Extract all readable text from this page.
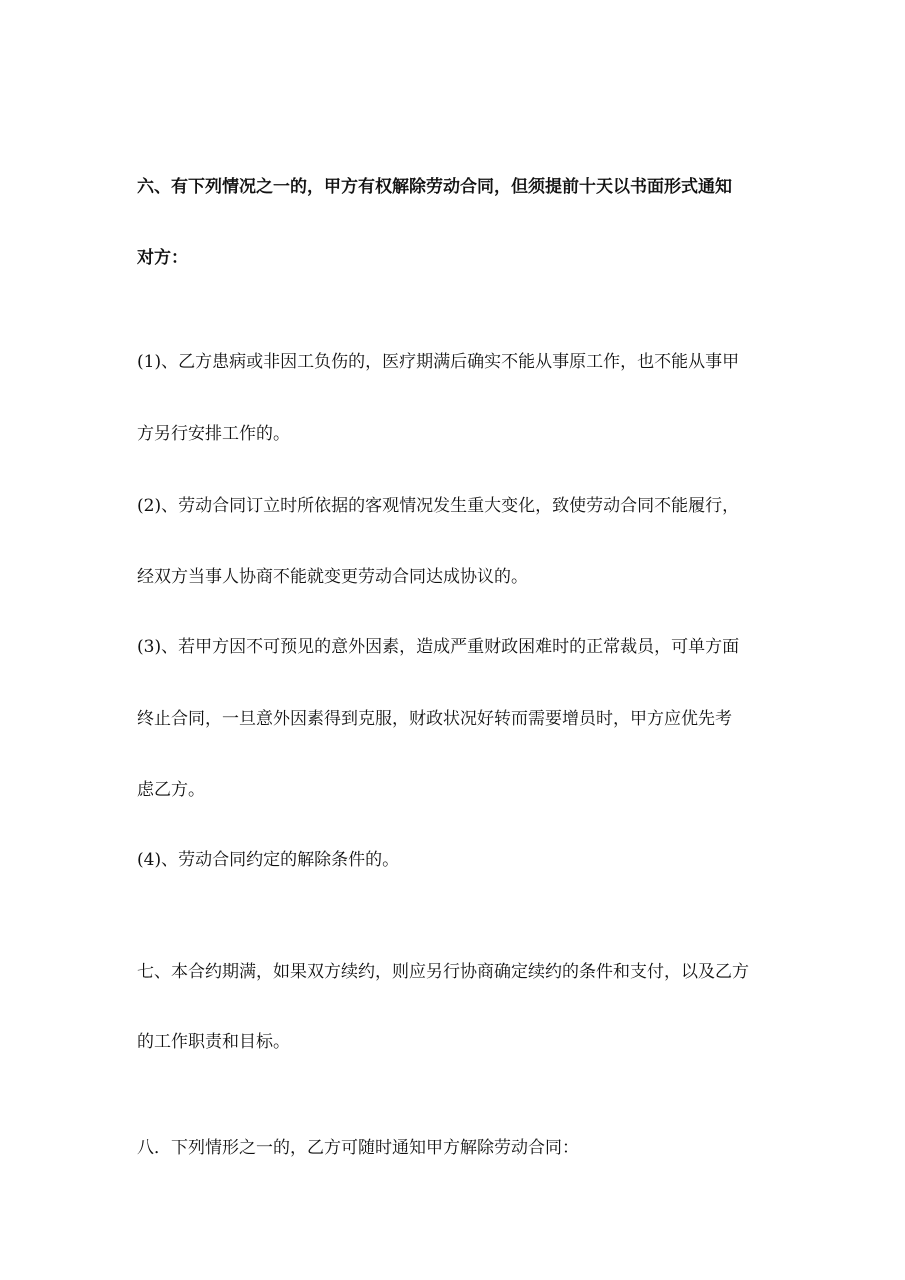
六、有下列情况之一的，甲方有权解除劳动合同，但须提前十天以书面形式通知

对方：

(1)、乙方患病或非因工负伤的，医疗期满后确实不能从事原工作，也不能从事甲

方另行安排工作的。

(2)、劳动合同订立时所依据的客观情况发生重大变化，致使劳动合同不能履行，

经双方当事人协商不能就变更劳动合同达成协议的。

(3)、若甲方因不可预见的意外因素，造成严重财政困难时的正常裁员，可单方面

终止合同，一旦意外因素得到克服，财政状况好转而需要增员时，甲方应优先考

虑乙方。

(4)、劳动合同约定的解除条件的。

七、本合约期满，如果双方续约，则应另行协商确定续约的条件和支付，以及乙方

的工作职责和目标。

八．下列情形之一的，乙方可随时通知甲方解除劳动合同：
